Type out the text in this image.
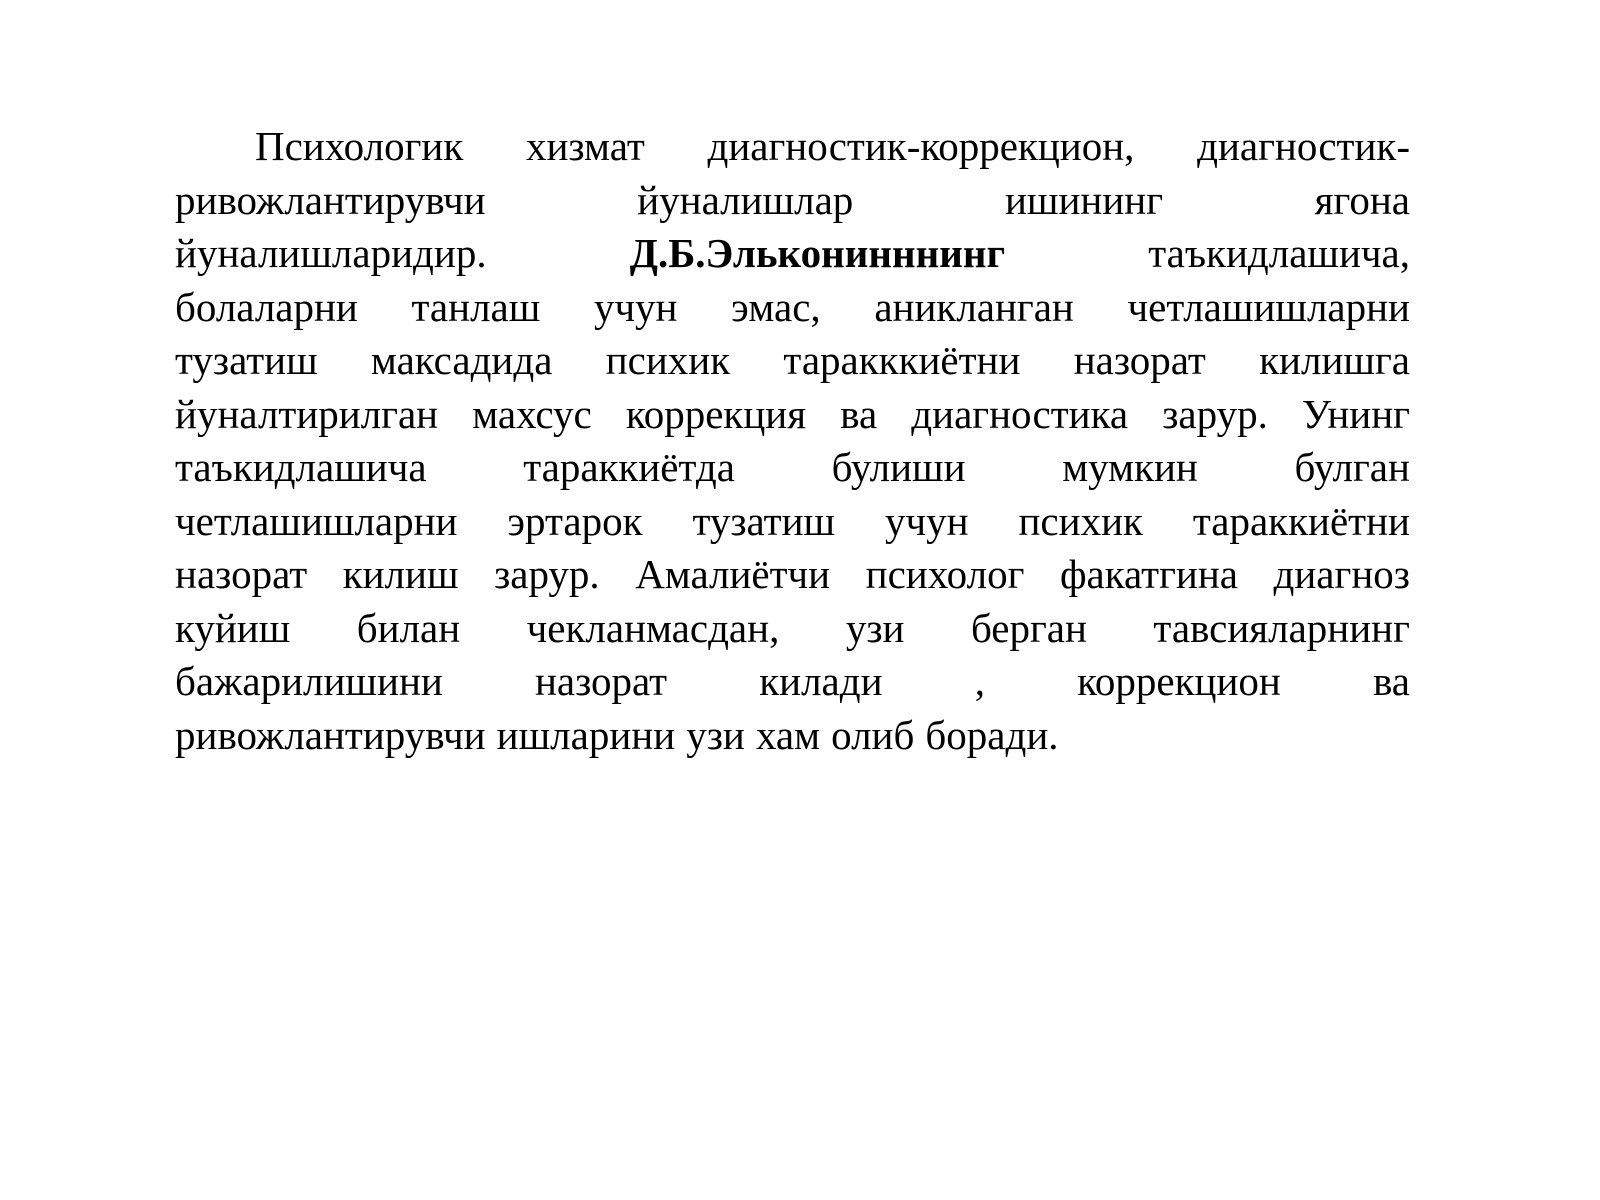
Психологик хизмат диагностик-коррекцион, диагностик-
ривожлантирувчи	йуналишлар	ишининг	ягона
йуналишларидир.	Д.Б.Эльконинннинг	таъкидлашича,
болаларни танлаш учун эмас, аникланган четлашишларни
тузатиш максадида психик таракккиётни назорат килишга
йуналтирилган махсус коррекция ва диагностика зарур. Унинг
таъкидлашича тараккиётда булиши мумкин булган
четлашишларни эртарок тузатиш учун психик тараккиётни
назорат килиш зарур. Амалиётчи психолог факатгина диагноз
куйиш билан чекланмасдан, узи берган тавсияларнинг
бажарилишини назорат килади , коррекцион ва
ривожлантирувчи ишларини узи хам олиб боради.
